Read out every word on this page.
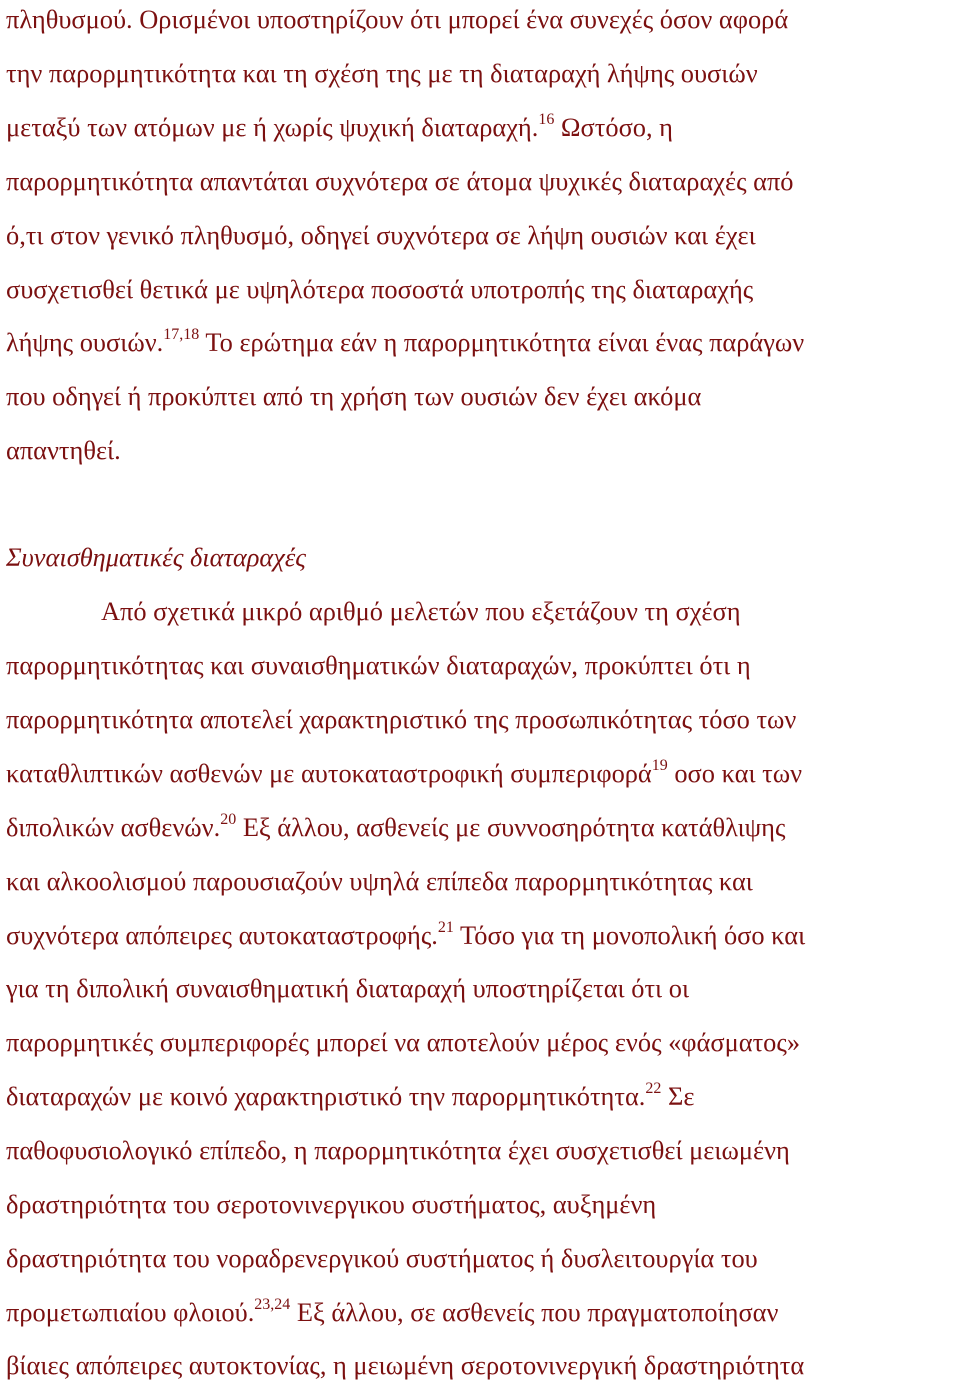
πληθυσμού. Ορισμένοι υποστηρίζουν ότι μπορεί ένα συνεχές όσον αφορά
την παρορμητικότητα και τη σχέση της με τη διαταραχή λήψης ουσιών
μεταξύ των ατόμων με ή χωρίς ψυχική διαταραχή.$^{16}$ Ωστόσο, η
παρορμητικότητα απαντάται συχνότερα σε άτομα ψυχικές διαταραχές από
ό,τι στον γενικό πληθυσμό, οδηγεί συχνότερα σε λήψη ουσιών και έχει
συσχετισθεί θετικά με υψηλότερα ποσοστά υποτροπής της διαταραχής
λήψης ουσιών.$^{17,18}$ Το ερώτημα εάν η παρορμητικότητα είναι ένας παράγων
που οδηγεί ή προκύπτει από τη χρήση των ουσιών δεν έχει ακόμα
απαντηθεί.
Συναισθηματικές διαταραχές
Από σχετικά μικρό αριθμό μελετών που εξετάζουν τη σχέση
παρορμητικότητας και συναισθηματικών διαταραχών, προκύπτει ότι η
παρορμητικότητα αποτελεί χαρακτηριστικό της προσωπικότητας τόσο των
καταθλιπτικών ασθενών με αυτοκαταστροφική συμπεριφορά$^{19}$ οσο και των
διπολικών ασθενών.$^{20}$ Εξ άλλου, ασθενείς με συννοσηρότητα κατάθλιψης
και αλκοολισμού παρουσιαζούν υψηλά επίπεδα παρορμητικότητας και
συχνότερα απόπειρες αυτοκαταστροφής.$^{21}$ Τόσο για τη μονοπολική όσο και
για τη διπολική συναισθηματική διαταραχή υποστηρίζεται ότι οι
παρορμητικές συμπεριφορές μπορεί να αποτελούν μέρος ενός «φάσματος»
διαταραχών με κοινό χαρακτηριστικό την παρορμητικότητα.$^{22}$ Σε
παθοφυσιολογικό επίπεδο, η παρορμητικότητα έχει συσχετισθεί μειωμένη
δραστηριότητα του σεροτονινεργικου συστήματος, αυξημένη
δραστηριότητα του νοραδρενεργικού συστήματος ή δυσλειτουργία του
προμετωπιαίου φλοιού.$^{23,24}$ Εξ άλλου, σε ασθενείς που πραγματοποίησαν
βίαιες απόπειρες αυτοκτονίας, η μειωμένη σεροτονινεργική δραστηριότητα
